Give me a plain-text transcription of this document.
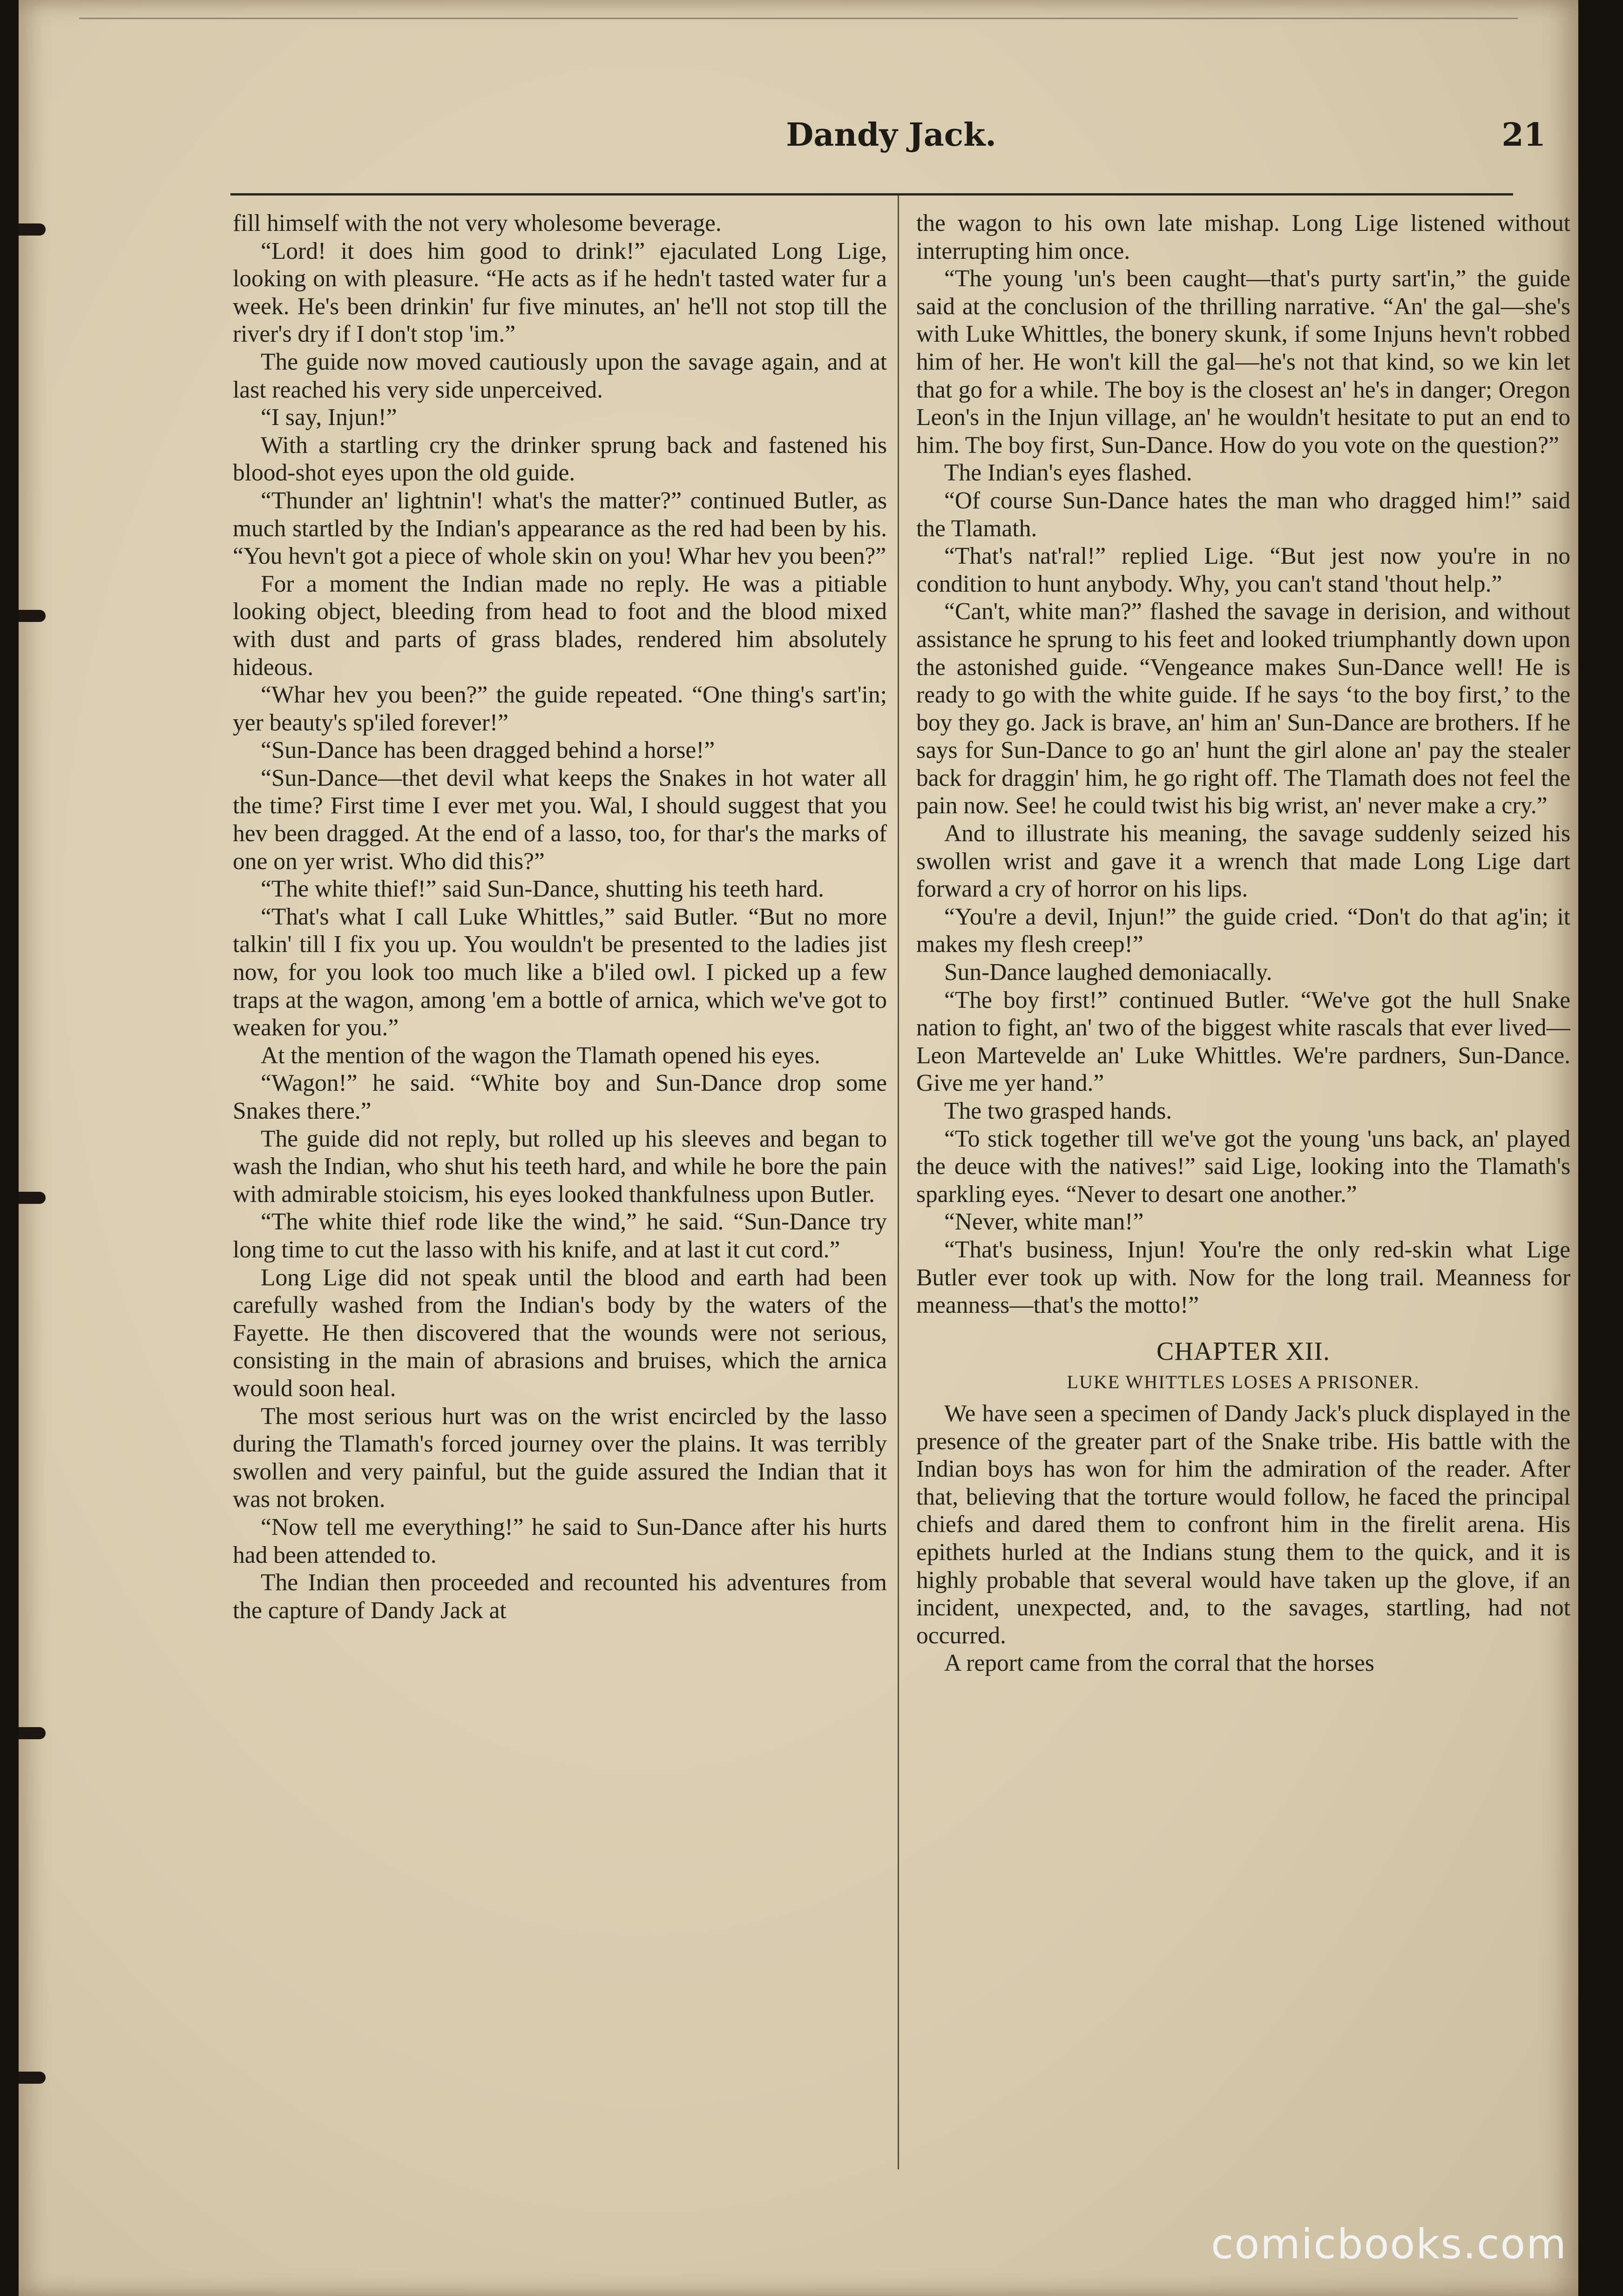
Dandy Jack.	21

fill himself with the not very wholesome beverage.

“Lord! it does him good to drink!” ejaculated Long Lige, looking on with pleasure. “He acts as if he hedn't tasted water fur a week. He's been drinkin' fur five minutes, an' he'll not stop till the river's dry if I don't stop 'im.”

The guide now moved cautiously upon the savage again, and at last reached his very side unperceived.

“I say, Injun!”

With a startling cry the drinker sprung back and fastened his blood-shot eyes upon the old guide.

“Thunder an' lightnin'! what's the matter?” continued Butler, as much startled by the Indian's appearance as the red had been by his. “You hevn't got a piece of whole skin on you! Whar hev you been?”

For a moment the Indian made no reply. He was a pitiable looking object, bleeding from head to foot and the blood mixed with dust and parts of grass blades, rendered him absolutely hideous.

“Whar hev you been?” the guide repeated. “One thing's sart'in; yer beauty's sp'iled forever!”

“Sun-Dance has been dragged behind a horse!”

“Sun-Dance—thet devil what keeps the Snakes in hot water all the time? First time I ever met you. Wal, I should suggest that you hev been dragged. At the end of a lasso, too, for thar's the marks of one on yer wrist. Who did this?”

“The white thief!” said Sun-Dance, shutting his teeth hard.

“That's what I call Luke Whittles,” said Butler. “But no more talkin' till I fix you up. You wouldn't be presented to the ladies jist now, for you look too much like a b'iled owl. I picked up a few traps at the wagon, among 'em a bottle of arnica, which we've got to weaken for you.”

At the mention of the wagon the Tlamath opened his eyes.

“Wagon!” he said. “White boy and Sun-Dance drop some Snakes there.”

The guide did not reply, but rolled up his sleeves and began to wash the Indian, who shut his teeth hard, and while he bore the pain with admirable stoicism, his eyes looked thankfulness upon Butler.

“The white thief rode like the wind,” he said. “Sun-Dance try long time to cut the lasso with his knife, and at last it cut cord.”

Long Lige did not speak until the blood and earth had been carefully washed from the Indian's body by the waters of the Fayette. He then discovered that the wounds were not serious, consisting in the main of abrasions and bruises, which the arnica would soon heal.

The most serious hurt was on the wrist encircled by the lasso during the Tlamath's forced journey over the plains. It was terribly swollen and very painful, but the guide assured the Indian that it was not broken.

“Now tell me everything!” he said to Sun-Dance after his hurts had been attended to.

The Indian then proceeded and recounted his adventures from the capture of Dandy Jack at

the wagon to his own late mishap. Long Lige listened without interrupting him once.

“The young 'un's been caught—that's purty sart'in,” the guide said at the conclusion of the thrilling narrative. “An' the gal—she's with Luke Whittles, the bonery skunk, if some Injuns hevn't robbed him of her. He won't kill the gal—he's not that kind, so we kin let that go for a while. The boy is the closest an' he's in danger; Oregon Leon's in the Injun village, an' he wouldn't hesitate to put an end to him. The boy first, Sun-Dance. How do you vote on the question?”

The Indian's eyes flashed.

“Of course Sun-Dance hates the man who dragged him!” said the Tlamath.

“That's nat'ral!” replied Lige. “But jest now you're in no condition to hunt anybody. Why, you can't stand 'thout help.”

“Can't, white man?” flashed the savage in derision, and without assistance he sprung to his feet and looked triumphantly down upon the astonished guide. “Vengeance makes Sun-Dance well! He is ready to go with the white guide. If he says ‘to the boy first,’ to the boy they go. Jack is brave, an' him an' Sun-Dance are brothers. If he says for Sun-Dance to go an' hunt the girl alone an' pay the stealer back for draggin' him, he go right off. The Tlamath does not feel the pain now. See! he could twist his big wrist, an' never make a cry.”

And to illustrate his meaning, the savage suddenly seized his swollen wrist and gave it a wrench that made Long Lige dart forward a cry of horror on his lips.

“You're a devil, Injun!” the guide cried. “Don't do that ag'in; it makes my flesh creep!”

Sun-Dance laughed demoniacally.

“The boy first!” continued Butler. “We've got the hull Snake nation to fight, an' two of the biggest white rascals that ever lived—Leon Martevelde an' Luke Whittles. We're pardners, Sun-Dance. Give me yer hand.”

The two grasped hands.

“To stick together till we've got the young 'uns back, an' played the deuce with the natives!” said Lige, looking into the Tlamath's sparkling eyes. “Never to desart one another.”

“Never, white man!”

“That's business, Injun! You're the only red-skin what Lige Butler ever took up with. Now for the long trail. Meanness for meanness—that's the motto!”

CHAPTER XII.
LUKE WHITTLES LOSES A PRISONER.

We have seen a specimen of Dandy Jack's pluck displayed in the presence of the greater part of the Snake tribe. His battle with the Indian boys has won for him the admiration of the reader. After that, believing that the torture would follow, he faced the principal chiefs and dared them to confront him in the firelit arena. His epithets hurled at the Indians stung them to the quick, and it is highly probable that several would have taken up the glove, if an incident, unexpected, and, to the savages, startling, had not occurred.

A report came from the corral that the horses

comicbooks.com
